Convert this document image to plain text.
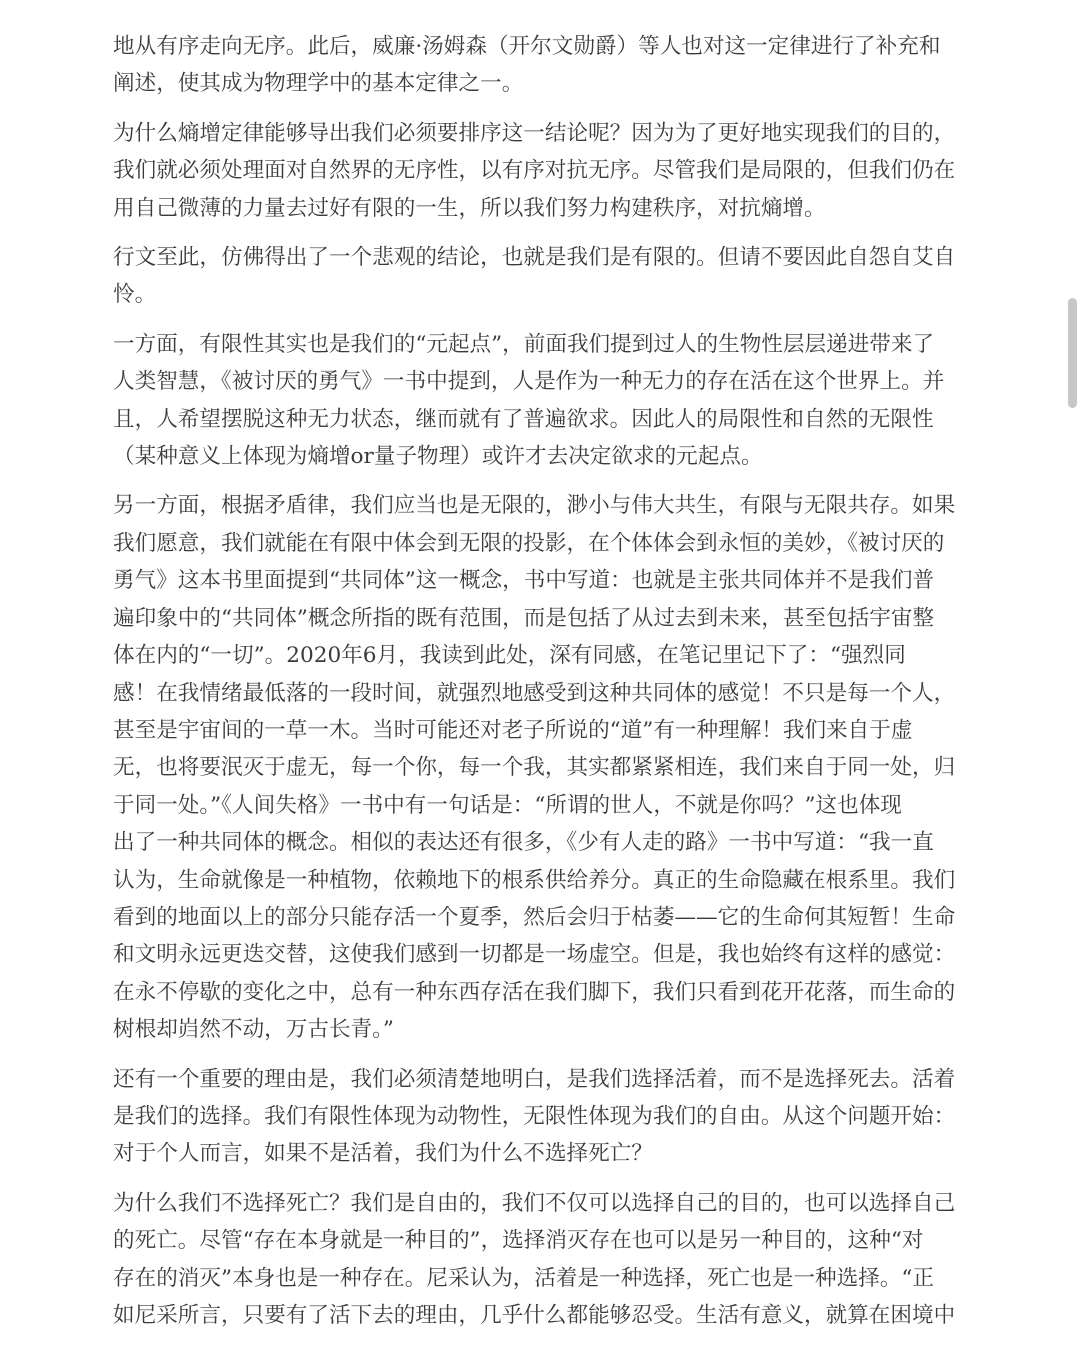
地从有序走向无序。此后，威廉·汤姆森（开尔文勋爵）等人也对这一定律进行了补充和
阐述，使其成为物理学中的基本定律之一。

为什么熵增定律能够导出我们必须要排序这一结论呢？因为为了更好地实现我们的目的，
我们就必须处理面对自然界的无序性，以有序对抗无序。尽管我们是局限的，但我们仍在
用自己微薄的力量去过好有限的一生，所以我们努力构建秩序，对抗熵增。

行文至此，仿佛得出了一个悲观的结论，也就是我们是有限的。但请不要因此自怨自艾自
怜。

一方面，有限性其实也是我们的“元起点”，前面我们提到过人的生物性层层递进带来了
人类智慧，《被讨厌的勇气》一书中提到，人是作为一种无力的存在活在这个世界上。并
且，人希望摆脱这种无力状态，继而就有了普遍欲求。因此人的局限性和自然的无限性
（某种意义上体现为熵增or量子物理）或许才去决定欲求的元起点。

另一方面，根据矛盾律，我们应当也是无限的，渺小与伟大共生，有限与无限共存。如果
我们愿意，我们就能在有限中体会到无限的投影，在个体体会到永恒的美妙，《被讨厌的
勇气》这本书里面提到“共同体”这一概念，书中写道：也就是主张共同体并不是我们普
遍印象中的“共同体”概念所指的既有范围，而是包括了从过去到未来，甚至包括宇宙整
体在内的“一切”。2020年6月，我读到此处，深有同感，在笔记里记下了：“强烈同
感！在我情绪最低落的一段时间，就强烈地感受到这种共同体的感觉！不只是每一个人，
甚至是宇宙间的一草一木。当时可能还对老子所说的“道”有一种理解！我们来自于虚
无，也将要泯灭于虚无，每一个你，每一个我，其实都紧紧相连，我们来自于同一处，归
于同一处。”《人间失格》一书中有一句话是：“所谓的世人，不就是你吗？”这也体现
出了一种共同体的概念。相似的表达还有很多，《少有人走的路》一书中写道：“我一直
认为，生命就像是一种植物，依赖地下的根系供给养分。真正的生命隐藏在根系里。我们
看到的地面以上的部分只能存活一个夏季，然后会归于枯萎——它的生命何其短暂！生命
和文明永远更迭交替，这使我们感到一切都是一场虚空。但是，我也始终有这样的感觉：
在永不停歇的变化之中，总有一种东西存活在我们脚下，我们只看到花开花落，而生命的
树根却岿然不动，万古长青。”

还有一个重要的理由是，我们必须清楚地明白，是我们选择活着，而不是选择死去。活着
是我们的选择。我们有限性体现为动物性，无限性体现为我们的自由。从这个问题开始：
对于个人而言，如果不是活着，我们为什么不选择死亡？

为什么我们不选择死亡？我们是自由的，我们不仅可以选择自己的目的，也可以选择自己
的死亡。尽管“存在本身就是一种目的”，选择消灭存在也可以是另一种目的，这种“对
存在的消灭”本身也是一种存在。尼采认为，活着是一种选择，死亡也是一种选择。“正
如尼采所言，只要有了活下去的理由，几乎什么都能够忍受。生活有意义，就算在困境中
